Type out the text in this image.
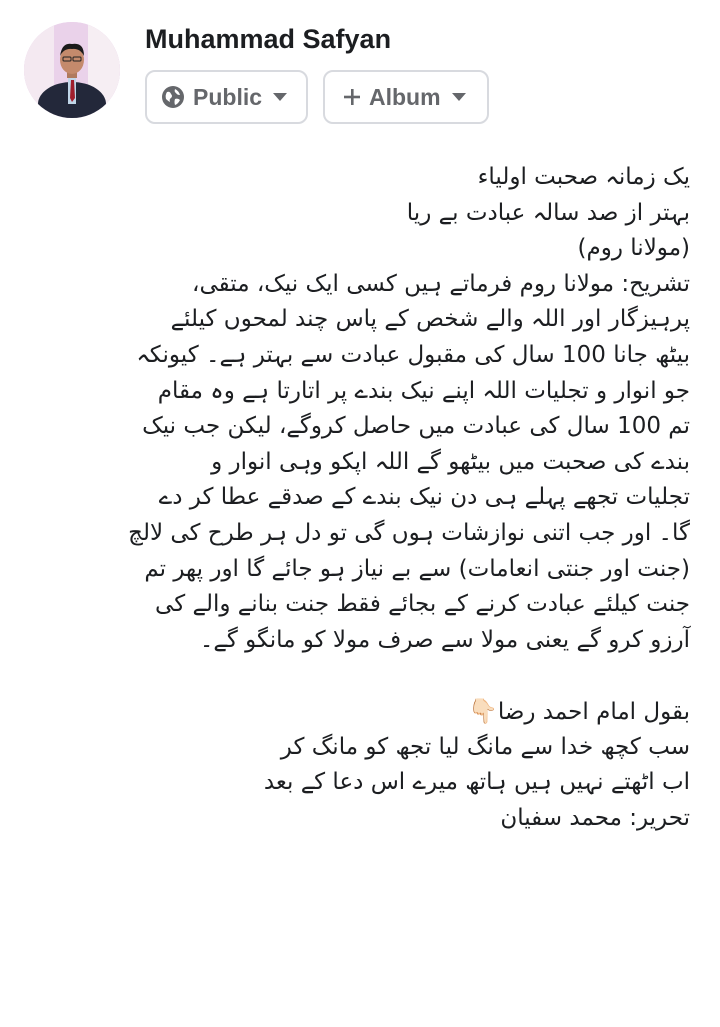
Muhammad Safyan
Public	Album
یک زمانہ صحبت اولیاء
بہتر از صد سالہ عبادت بے ریا
(مولانا روم)
تشریح: مولانا روم فرماتے ہیں کسی ایک نیک، متقی،
پرہیزگار اور اللہ والے شخص کے پاس چند لمحوں کیلئے
بیٹھ جانا 100 سال کی مقبول عبادت سے بہتر ہے۔ کیونکہ
جو انوار و تجلیات اللہ اپنے نیک بندے پر اتارتا ہے وہ مقام
تم 100 سال کی عبادت میں حاصل کروگے، لیکن جب نیک
بندے کی صحبت میں بیٹھو گے اللہ اپکو وہی انوار و
تجلیات تجھے پہلے ہی دن نیک بندے کے صدقے عطا کر دے
گا۔ اور جب اتنی نوازشات ہوں گی تو دل ہر طرح کی لالچ
(جنت اور جنتی انعامات) سے بے نیاز ہو جائے گا اور پھر تم
جنت کیلئے عبادت کرنے کے بجائے فقط جنت بنانے والے کی
آرزو کرو گے یعنی مولا سے صرف مولا کو مانگو گے۔
بقول امام احمد رضا👇🏻
سب کچھ خدا سے مانگ لیا تجھ کو مانگ کر
اب اٹھتے نہیں ہیں ہاتھ میرے اس دعا کے بعد
تحریر: محمد سفیان
